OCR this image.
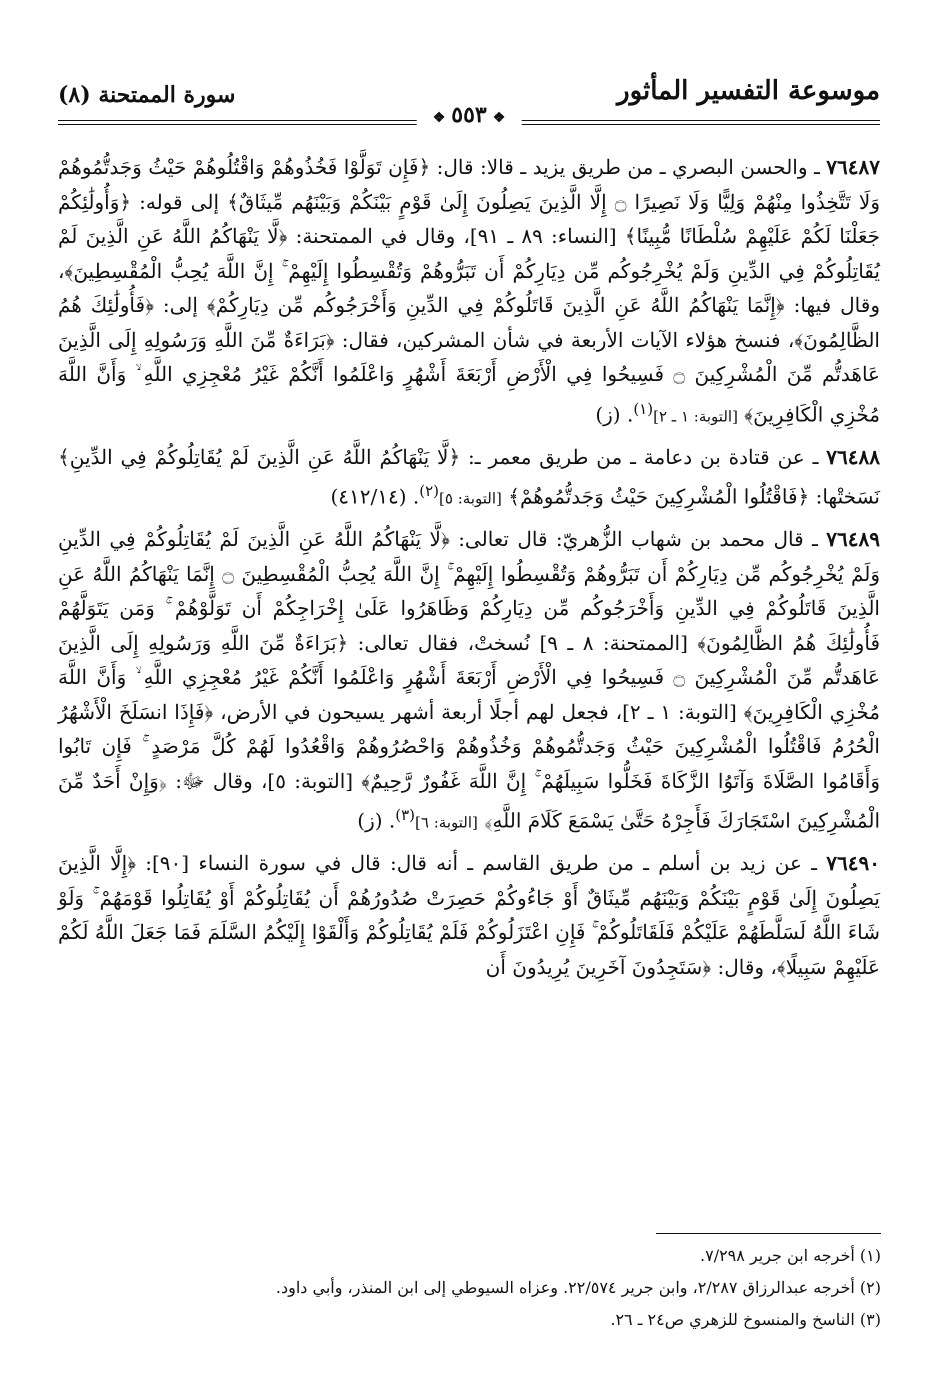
موسوعة التفسير المأثور
❖ ٥٥٣ ❖
سورة الممتحنة (٨)

٧٦٤٨٧ ـ والحسن البصري ـ من طريق يزيد ـ قالا: قال: ﴿فَإِن تَوَلَّوْا فَخُذُوهُمْ وَاقْتُلُوهُمْ حَيْثُ وَجَدتُّمُوهُمْ وَلَا تَتَّخِذُوا مِنْهُمْ وَلِيًّا وَلَا نَصِيرًا ۝ إِلَّا الَّذِينَ يَصِلُونَ إِلَىٰ قَوْمٍ بَيْنَكُمْ وَبَيْنَهُم مِّيثَاقٌ﴾ إلى قوله: ﴿وَأُولَٰئِكُمْ جَعَلْنَا لَكُمْ عَلَيْهِمْ سُلْطَانًا مُّبِينًا﴾ [النساء: ٨٩ ـ ٩١]، وقال في الممتحنة: ﴿لَّا يَنْهَاكُمُ اللَّهُ عَنِ الَّذِينَ لَمْ يُقَاتِلُوكُمْ فِي الدِّينِ وَلَمْ يُخْرِجُوكُم مِّن دِيَارِكُمْ أَن تَبَرُّوهُمْ وَتُقْسِطُوا إِلَيْهِمْ ۚ إِنَّ اللَّهَ يُحِبُّ الْمُقْسِطِينَ﴾، وقال فيها: ﴿إِنَّمَا يَنْهَاكُمُ اللَّهُ عَنِ الَّذِينَ قَاتَلُوكُمْ فِي الدِّينِ وَأَخْرَجُوكُم مِّن دِيَارِكُمْ﴾ إلى: ﴿فَأُولَٰئِكَ هُمُ الظَّالِمُونَ﴾، فنسخ هؤلاء الآيات الأربعة في شأن المشركين، فقال: ﴿بَرَاءَةٌ مِّنَ اللَّهِ وَرَسُولِهِ إِلَى الَّذِينَ عَاهَدتُّم مِّنَ الْمُشْرِكِينَ ۝ فَسِيحُوا فِي الْأَرْضِ أَرْبَعَةَ أَشْهُرٍ وَاعْلَمُوا أَنَّكُمْ غَيْرُ مُعْجِزِي اللَّهِ ۙ وَأَنَّ اللَّهَ مُخْزِي الْكَافِرِينَ﴾ [التوبة: ١ ـ ٢]$^{(١)}$. (ز)

٧٦٤٨٨ ـ عن قتادة بن دعامة ـ من طريق معمر ـ: ﴿لَّا يَنْهَاكُمُ اللَّهُ عَنِ الَّذِينَ لَمْ يُقَاتِلُوكُمْ فِي الدِّينِ﴾ نَسَختْها: ﴿فَاقْتُلُوا الْمُشْرِكِينَ حَيْثُ وَجَدتُّمُوهُمْ﴾ [التوبة: ٥]$^{(٢)}$. (٤١٢/١٤)

٧٦٤٨٩ ـ قال محمد بن شهاب الزُّهريّ: قال تعالى: ﴿لَّا يَنْهَاكُمُ اللَّهُ عَنِ الَّذِينَ لَمْ يُقَاتِلُوكُمْ فِي الدِّينِ وَلَمْ يُخْرِجُوكُم مِّن دِيَارِكُمْ أَن تَبَرُّوهُمْ وَتُقْسِطُوا إِلَيْهِمْ ۚ إِنَّ اللَّهَ يُحِبُّ الْمُقْسِطِينَ ۝ إِنَّمَا يَنْهَاكُمُ اللَّهُ عَنِ الَّذِينَ قَاتَلُوكُمْ فِي الدِّينِ وَأَخْرَجُوكُم مِّن دِيَارِكُمْ وَظَاهَرُوا عَلَىٰ إِخْرَاجِكُمْ أَن تَوَلَّوْهُمْ ۚ وَمَن يَتَوَلَّهُمْ فَأُولَٰئِكَ هُمُ الظَّالِمُونَ﴾ [الممتحنة: ٨ ـ ٩] نُسختْ، فقال تعالى: ﴿بَرَاءَةٌ مِّنَ اللَّهِ وَرَسُولِهِ إِلَى الَّذِينَ عَاهَدتُّم مِّنَ الْمُشْرِكِينَ ۝ فَسِيحُوا فِي الْأَرْضِ أَرْبَعَةَ أَشْهُرٍ وَاعْلَمُوا أَنَّكُمْ غَيْرُ مُعْجِزِي اللَّهِ ۙ وَأَنَّ اللَّهَ مُخْزِي الْكَافِرِينَ﴾ [التوبة: ١ ـ ٢]، فجعل لهم أجلًا أربعة أشهر يسيحون في الأرض، ﴿فَإِذَا انسَلَخَ الْأَشْهُرُ الْحُرُمُ فَاقْتُلُوا الْمُشْرِكِينَ حَيْثُ وَجَدتُّمُوهُمْ وَخُذُوهُمْ وَاحْصُرُوهُمْ وَاقْعُدُوا لَهُمْ كُلَّ مَرْصَدٍ ۚ فَإِن تَابُوا وَأَقَامُوا الصَّلَاةَ وَآتَوُا الزَّكَاةَ فَخَلُّوا سَبِيلَهُمْ ۚ إِنَّ اللَّهَ غَفُورٌ رَّحِيمٌ﴾ [التوبة: ٥]، وقال ﷻ: ﴿وَإِنْ أَحَدٌ مِّنَ الْمُشْرِكِينَ اسْتَجَارَكَ فَأَجِرْهُ حَتَّىٰ يَسْمَعَ كَلَامَ اللَّهِ﴾ [التوبة: ٦]$^{(٣)}$. (ز)

٧٦٤٩٠ ـ عن زيد بن أسلم ـ من طريق القاسم ـ أنه قال: قال في سورة النساء [٩٠]: ﴿إِلَّا الَّذِينَ يَصِلُونَ إِلَىٰ قَوْمٍ بَيْنَكُمْ وَبَيْنَهُم مِّيثَاقٌ أَوْ جَاءُوكُمْ حَصِرَتْ صُدُورُهُمْ أَن يُقَاتِلُوكُمْ أَوْ يُقَاتِلُوا قَوْمَهُمْ ۚ وَلَوْ شَاءَ اللَّهُ لَسَلَّطَهُمْ عَلَيْكُمْ فَلَقَاتَلُوكُمْ ۚ فَإِنِ اعْتَزَلُوكُمْ فَلَمْ يُقَاتِلُوكُمْ وَأَلْقَوْا إِلَيْكُمُ السَّلَمَ فَمَا جَعَلَ اللَّهُ لَكُمْ عَلَيْهِمْ سَبِيلًا﴾، وقال: ﴿سَتَجِدُونَ آخَرِينَ يُرِيدُونَ أَن

(١) أخرجه ابن جرير ٧/٢٩٨.
(٢) أخرجه عبدالرزاق ٢/٢٨٧، وابن جرير ٢٢/٥٧٤. وعزاه السيوطي إلى ابن المنذر، وأبي داود.
(٣) الناسخ والمنسوخ للزهري ص٢٤ ـ ٢٦.
